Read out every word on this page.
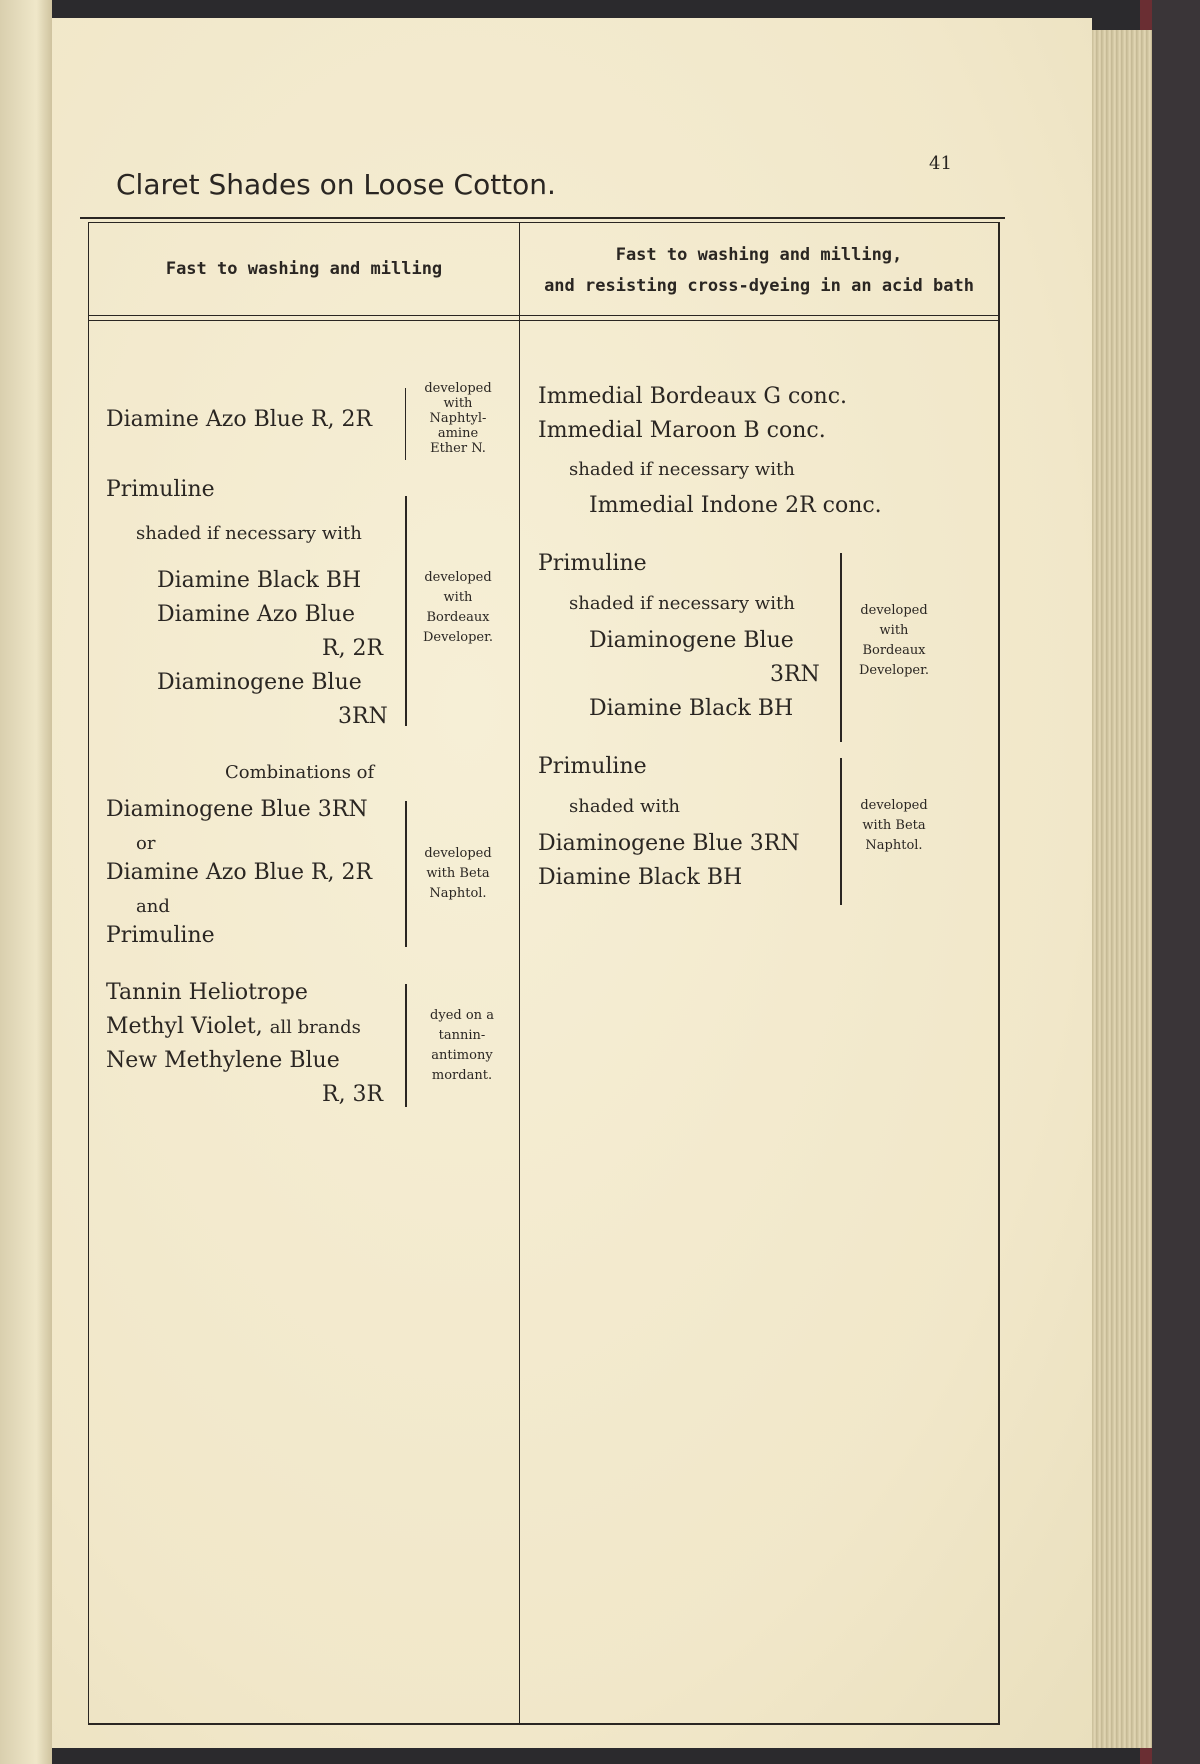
Claret Shades on Loose Cotton.
41
Fast to washing and milling
Fast to washing and milling,
and resisting cross-dyeing in an acid bath
Diamine Azo Blue R, 2R
developed
with
Naphtyl-
amine
Ether N.
Primuline
shaded if necessary with
Diamine Black BH
Diamine Azo Blue
R, 2R
Diaminogene Blue
3RN
developed
with
Bordeaux
Developer.
Combinations of
Diaminogene Blue 3RN
or
Diamine Azo Blue R, 2R
and
Primuline
developed
with Beta
Naphtol.
Tannin Heliotrope
Methyl Violet, all brands
New Methylene Blue
R, 3R
dyed on a
tannin-
antimony
mordant.
Immedial Bordeaux G conc.
Immedial Maroon B conc.
shaded if necessary with
Immedial Indone 2R conc.
Primuline
shaded if necessary with
Diaminogene Blue
3RN
Diamine Black BH
developed
with
Bordeaux
Developer.
Primuline
shaded with
Diaminogene Blue 3RN
Diamine Black BH
developed
with Beta
Naphtol.
